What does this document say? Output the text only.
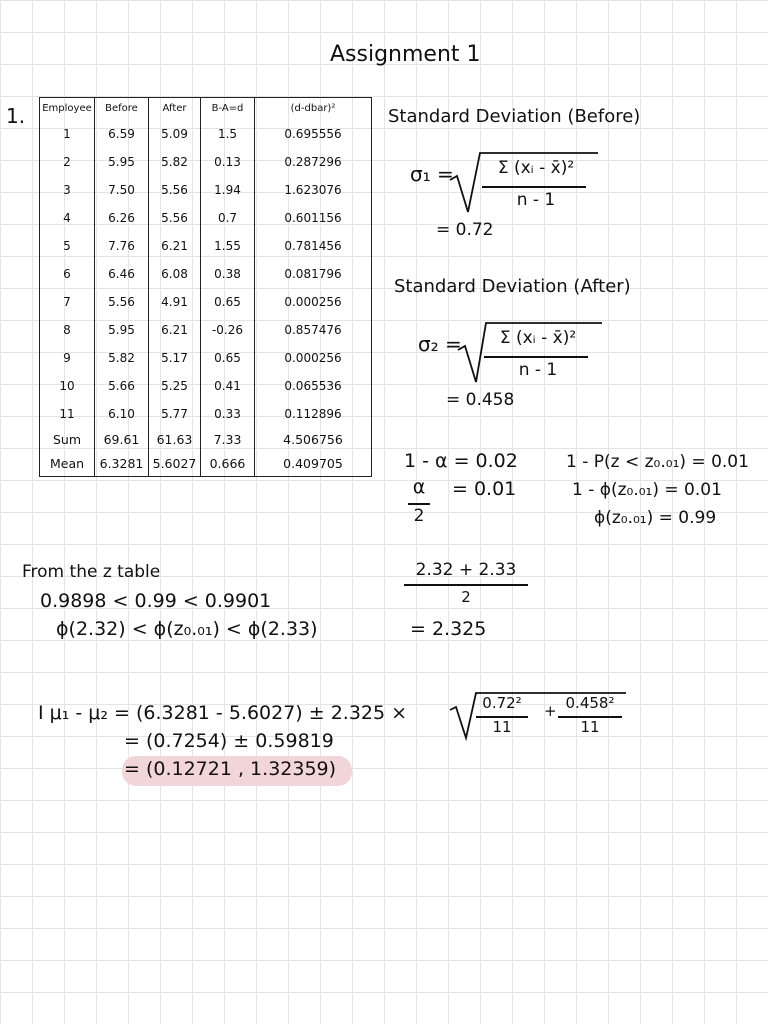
Assignment 1
1. Employee	Before	After	B-A=d	(d-dbar)²
1	6.59	5.09	1.5	0.695556
2	5.95	5.82	0.13	0.287296
3	7.50	5.56	1.94	1.623076
4	6.26	5.56	0.7	0.601156
5	7.76	6.21	1.55	0.781456
6	6.46	6.08	0.38	0.081796
7	5.56	4.91	0.65	0.000256
8	5.95	6.21	-0.26	0.857476
9	5.82	5.17	0.65	0.000256
10	5.66	5.25	0.41	0.065536
11	6.10	5.77	0.33	0.112896
Sum	69.61	61.63	7.33	4.506756
Mean	6.3281	5.6027	0.666	0.409705
Standard Deviation (Before)
σ₁ =	Σ (xᵢ - x̄)²
n - 1
= 0.72
Standard Deviation (After)
σ₂ =	Σ (xᵢ - x̄)²
n - 1
= 0.458
1 - α = 0.02
α
2
= 0.01
1 - P(z < z₀.₀₁) = 0.01
1 - ϕ(z₀.₀₁) = 0.01
ϕ(z₀.₀₁) = 0.99
From the z table
0.9898 < 0.99 < 0.9901
ϕ(2.32) < ϕ(z₀.₀₁) < ϕ(2.33)
2.32 + 2.33
2
= 2.325
I μ₁ - μ₂ = (6.3281 - 5.6027) ± 2.325 ×	0.72²
11
+ 0.458²
11
= (0.7254) ± 0.59819
= (0.12721 , 1.32359)
